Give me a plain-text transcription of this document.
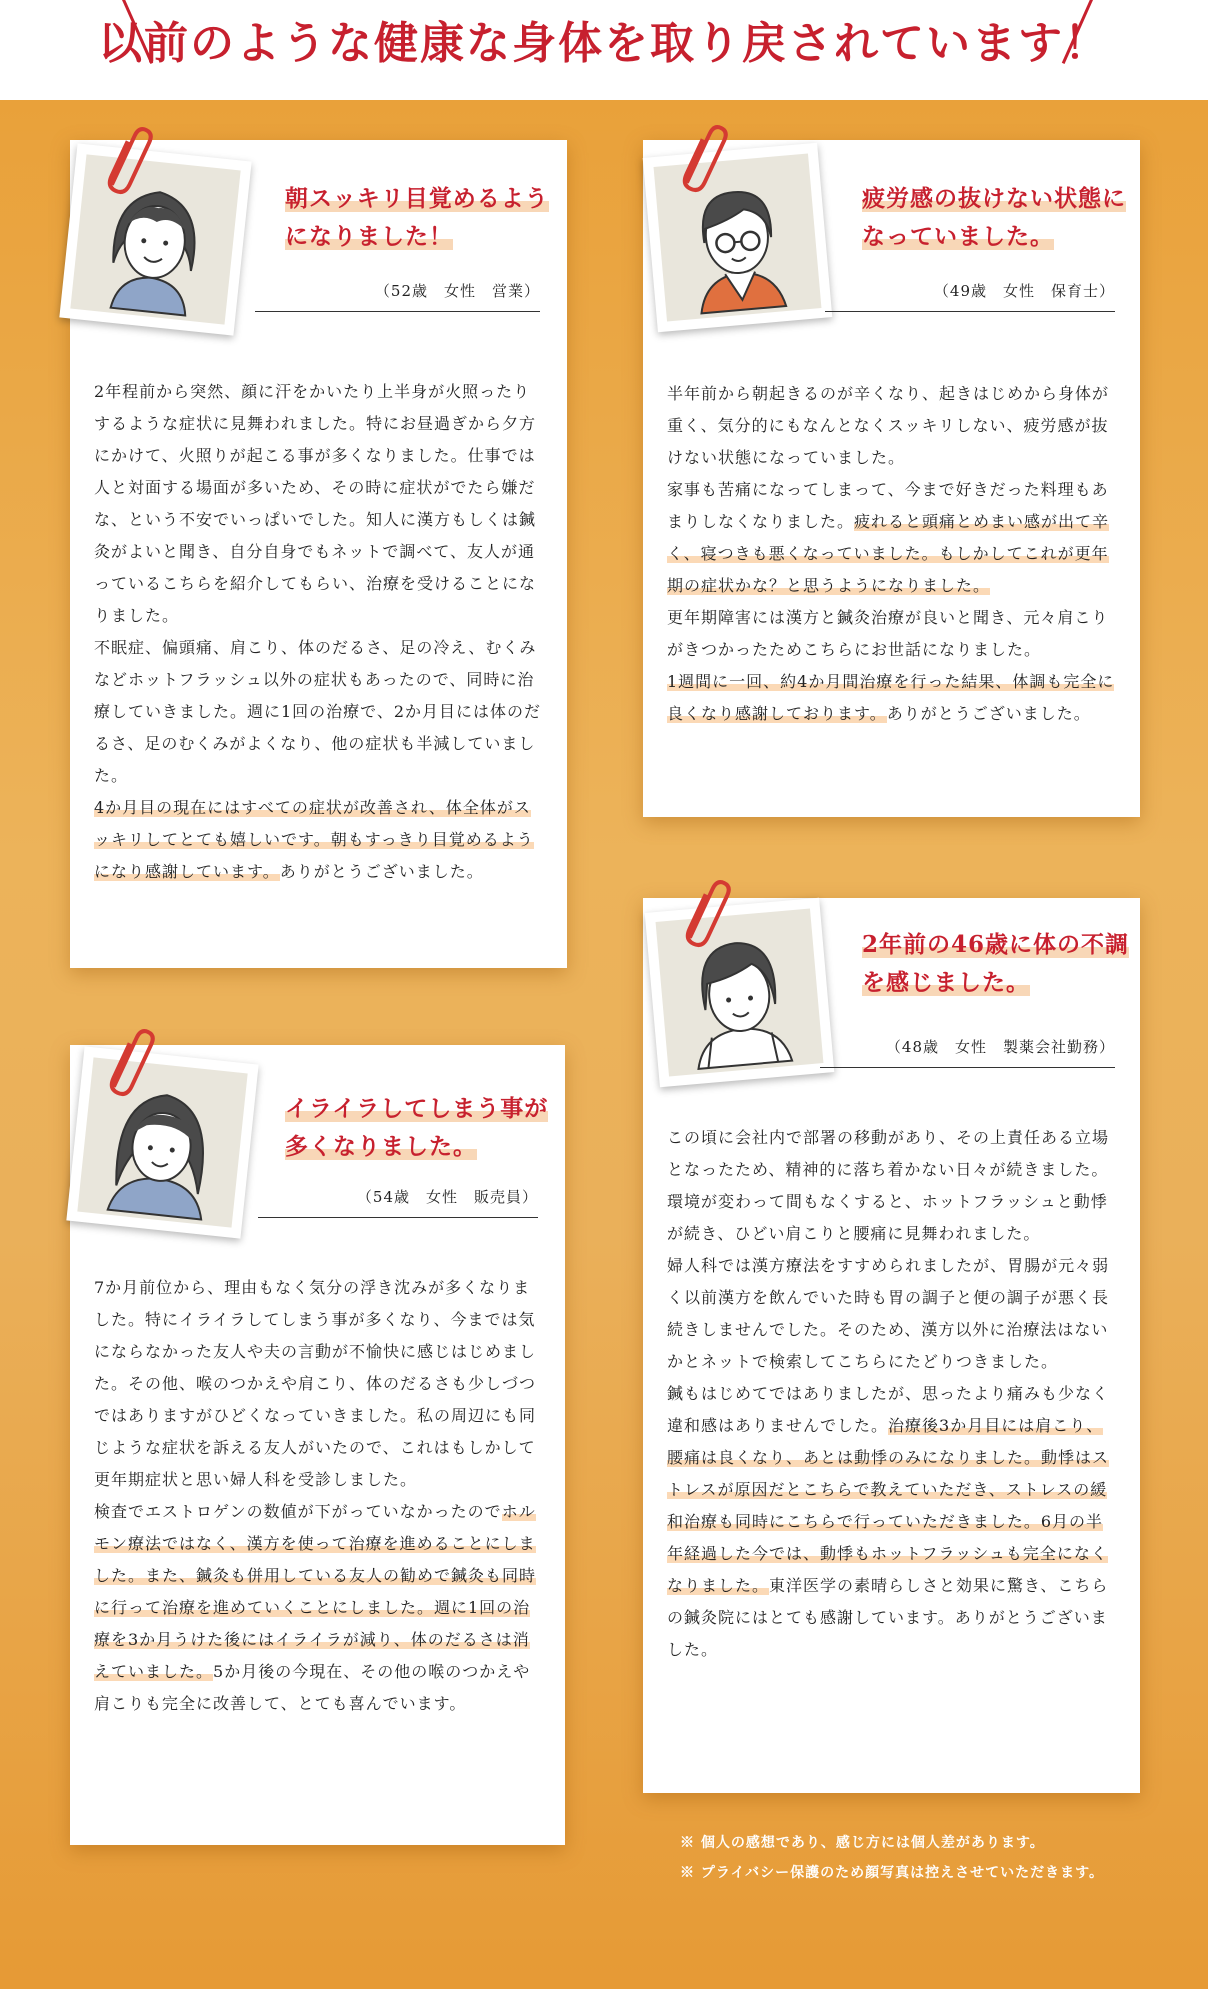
以前のような健康な身体を取り戻されています！
朝スッキリ目覚めるようになりました！
（52歳　女性　営業）

2年程前から突然、顔に汗をかいたり上半身が火照ったりするような症状に見舞われました。特にお昼過ぎから夕方にかけて、火照りが起こる事が多くなりました。仕事では人と対面する場面が多いため、その時に症状がでたら嫌だな、という不安でいっぱいでした。知人に漢方もしくは鍼灸がよいと聞き、自分自身でもネットで調べて、友人が通っているこちらを紹介してもらい、治療を受けることになりました。

不眠症、偏頭痛、肩こり、体のだるさ、足の冷え、むくみなどホットフラッシュ以外の症状もあったので、同時に治療していきました。週に1回の治療で、2か月目には体のだるさ、足のむくみがよくなり、他の症状も半減していました。

4か月目の現在にはすべての症状が改善され、体全体がスッキリしてとても嬉しいです。朝もすっきり目覚めるようになり感謝しています。ありがとうございました。

疲労感の抜けない状態になっていました。
（49歳　女性　保育士）

半年前から朝起きるのが辛くなり、起きはじめから身体が重く、気分的にもなんとなくスッキリしない、疲労感が抜けない状態になっていました。

家事も苦痛になってしまって、今まで好きだった料理もあまりしなくなりました。疲れると頭痛とめまい感が出て辛く、寝つきも悪くなっていました。もしかしてこれが更年期の症状かな？と思うようになりました。

更年期障害には漢方と鍼灸治療が良いと聞き、元々肩こりがきつかったためこちらにお世話になりました。

1週間に一回、約4か月間治療を行った結果、体調も完全に良くなり感謝しております。ありがとうございました。

イライラしてしまう事が多くなりました。
（54歳　女性　販売員）

7か月前位から、理由もなく気分の浮き沈みが多くなりました。特にイライラしてしまう事が多くなり、今までは気にならなかった友人や夫の言動が不愉快に感じはじめました。その他、喉のつかえや肩こり、体のだるさも少しづつではありますがひどくなっていきました。私の周辺にも同じような症状を訴える友人がいたので、これはもしかして更年期症状と思い婦人科を受診しました。

検査でエストロゲンの数値が下がっていなかったのでホルモン療法ではなく、漢方を使って治療を進めることにしました。また、鍼灸も併用している友人の勧めで鍼灸も同時に行って治療を進めていくことにしました。週に1回の治療を3か月うけた後にはイライラが減り、体のだるさは消えていました。5か月後の今現在、その他の喉のつかえや肩こりも完全に改善して、とても喜んでいます。

2年前の46歳に体の不調を感じました。
（48歳　女性　製薬会社勤務）

この頃に会社内で部署の移動があり、その上責任ある立場となったため、精神的に落ち着かない日々が続きました。環境が変わって間もなくすると、ホットフラッシュと動悸が続き、ひどい肩こりと腰痛に見舞われました。

婦人科では漢方療法をすすめられましたが、胃腸が元々弱く以前漢方を飲んでいた時も胃の調子と便の調子が悪く長続きしませんでした。そのため、漢方以外に治療法はないかとネットで検索してこちらにたどりつきました。

鍼もはじめてではありましたが、思ったより痛みも少なく違和感はありませんでした。治療後3か月目には肩こり、腰痛は良くなり、あとは動悸のみになりました。動悸はストレスが原因だとこちらで教えていただき、ストレスの緩和治療も同時にこちらで行っていただきました。6月の半年経過した今では、動悸もホットフラッシュも完全になくなりました。東洋医学の素晴らしさと効果に驚き、こちらの鍼灸院にはとても感謝しています。ありがとうございました。

※ 個人の感想であり、感じ方には個人差があります。
※ プライバシー保護のため顔写真は控えさせていただきます。
